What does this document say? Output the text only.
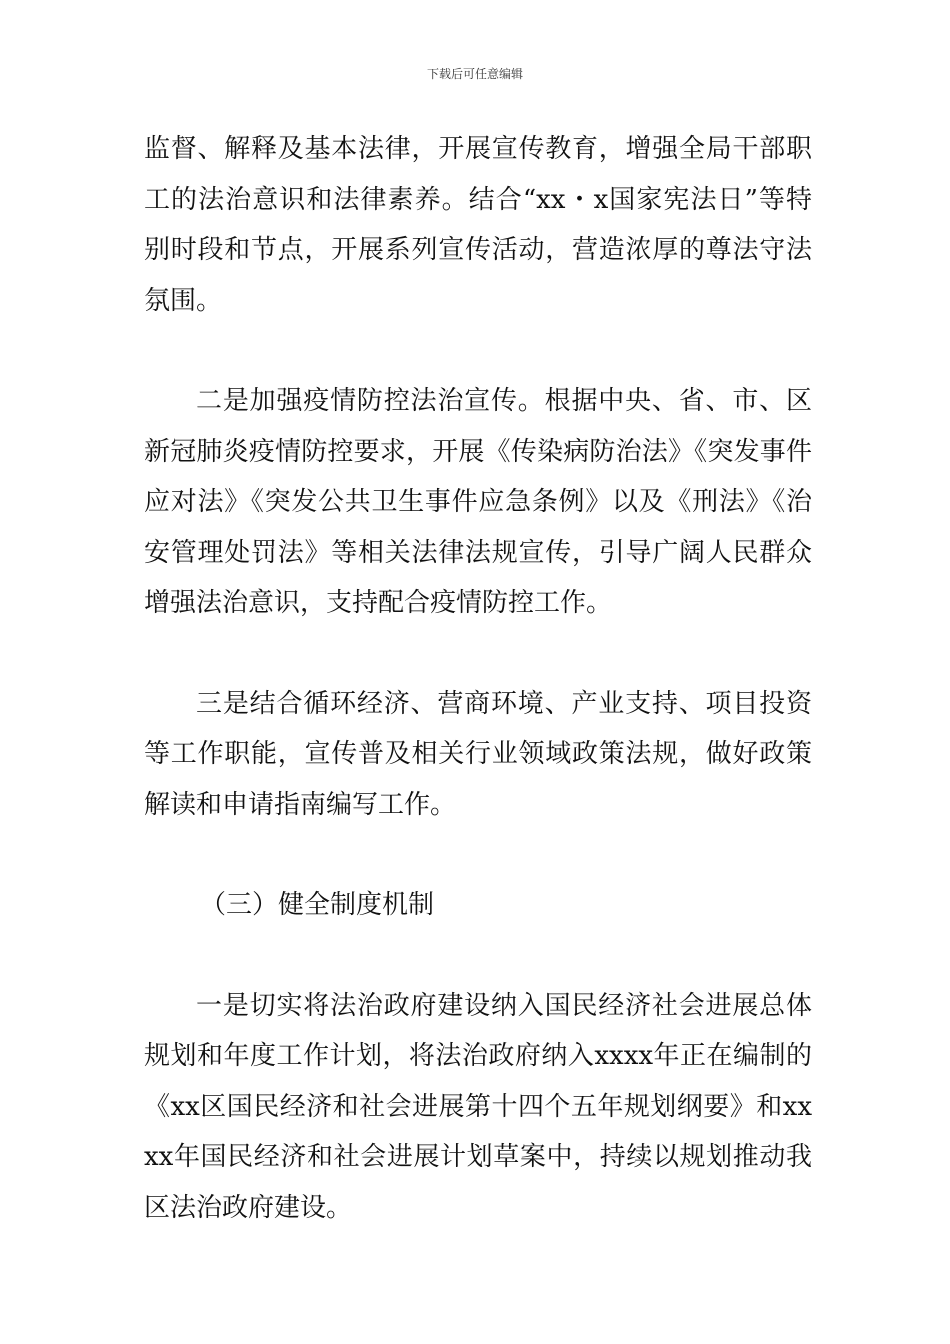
下载后可任意编辑

监督、解释及基本法律，开展宣传教育，增强全局干部职工的法治意识和法律素养。结合“xx・x国家宪法日”等特别时段和节点，开展系列宣传活动，营造浓厚的尊法守法氛围。

二是加强疫情防控法治宣传。根据中央、省、市、区新冠肺炎疫情防控要求，开展《传染病防治法》《突发事件应对法》《突发公共卫生事件应急条例》以及《刑法》《治安管理处罚法》等相关法律法规宣传，引导广阔人民群众增强法治意识，支持配合疫情防控工作。

三是结合循环经济、营商环境、产业支持、项目投资等工作职能，宣传普及相关行业领域政策法规，做好政策解读和申请指南编写工作。

（三）健全制度机制

一是切实将法治政府建设纳入国民经济社会进展总体规划和年度工作计划，将法治政府纳入xxxx年正在编制的《xx区国民经济和社会进展第十四个五年规划纲要》和xxxx年国民经济和社会进展计划草案中，持续以规划推动我区法治政府建设。
